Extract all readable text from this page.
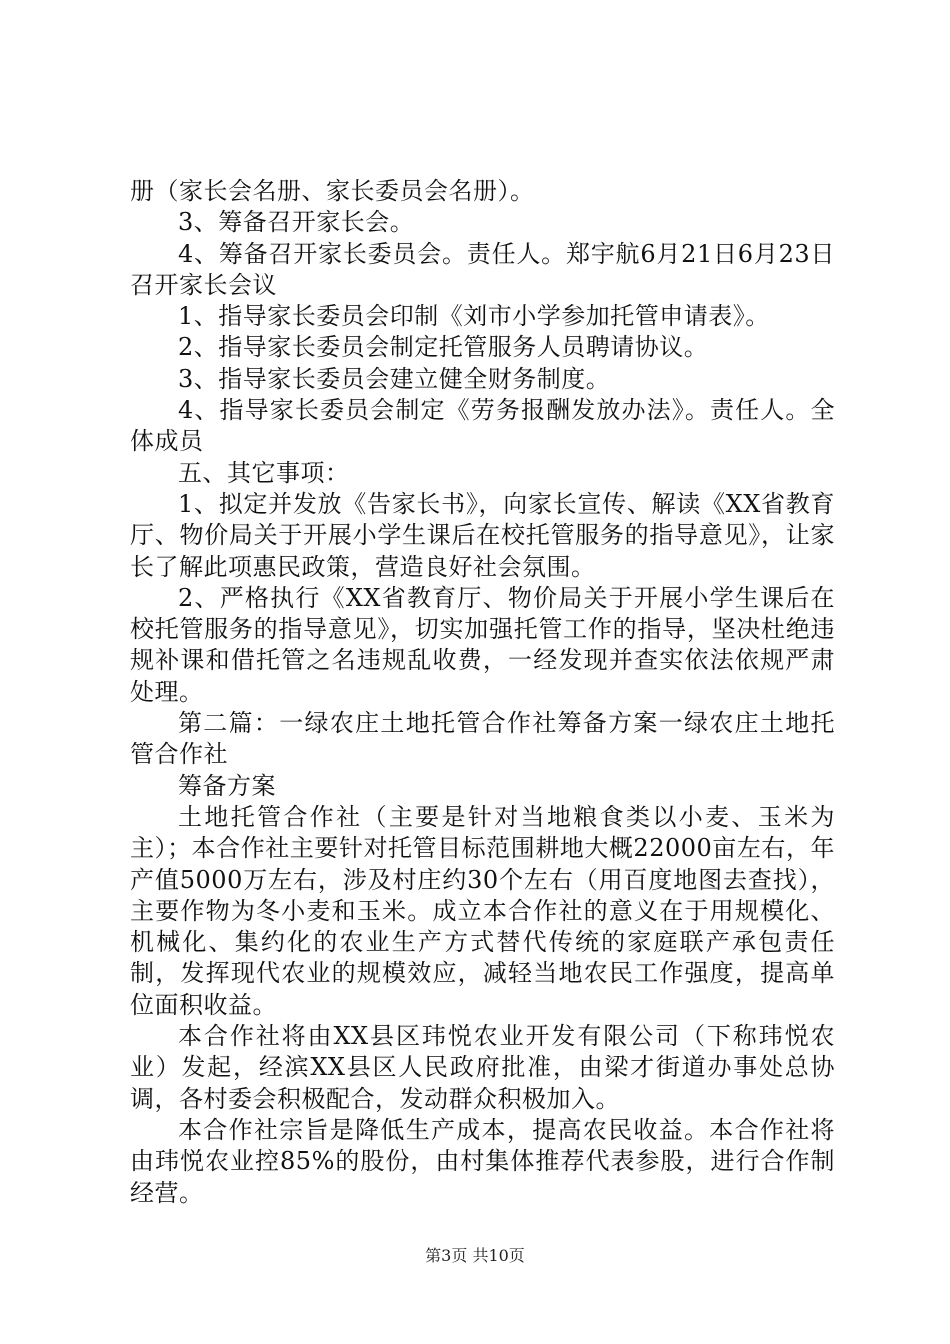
册（家长会名册、家长委员会名册）。

3、筹备召开家长会。

4、筹备召开家长委员会。责任人。郑宇航6月21日6月23日召开家长会议

1、指导家长委员会印制《刘市小学参加托管申请表》。

2、指导家长委员会制定托管服务人员聘请协议。

3、指导家长委员会建立健全财务制度。

4、指导家长委员会制定《劳务报酬发放办法》。责任人。全体成员

五、其它事项：

1、拟定并发放《告家长书》，向家长宣传、解读《XX省教育厅、物价局关于开展小学生课后在校托管服务的指导意见》，让家长了解此项惠民政策，营造良好社会氛围。

2、严格执行《XX省教育厅、物价局关于开展小学生课后在校托管服务的指导意见》，切实加强托管工作的指导，坚决杜绝违规补课和借托管之名违规乱收费，一经发现并查实依法依规严肃处理。

第二篇：一绿农庄土地托管合作社筹备方案一绿农庄土地托管合作社

筹备方案

土地托管合作社（主要是针对当地粮食类以小麦、玉米为主）；本合作社主要针对托管目标范围耕地大概22000亩左右，年产值5000万左右，涉及村庄约30个左右（用百度地图去查找），主要作物为冬小麦和玉米。成立本合作社的意义在于用规模化、机械化、集约化的农业生产方式替代传统的家庭联产承包责任制，发挥现代农业的规模效应，减轻当地农民工作强度，提高单位面积收益。

本合作社将由XX县区玮悦农业开发有限公司（下称玮悦农业）发起，经滨XX县区人民政府批准，由梁才街道办事处总协调，各村委会积极配合，发动群众积极加入。

本合作社宗旨是降低生产成本，提高农民收益。本合作社将由玮悦农业控85%的股份，由村集体推荐代表参股，进行合作制经营。

第3页 共10页
